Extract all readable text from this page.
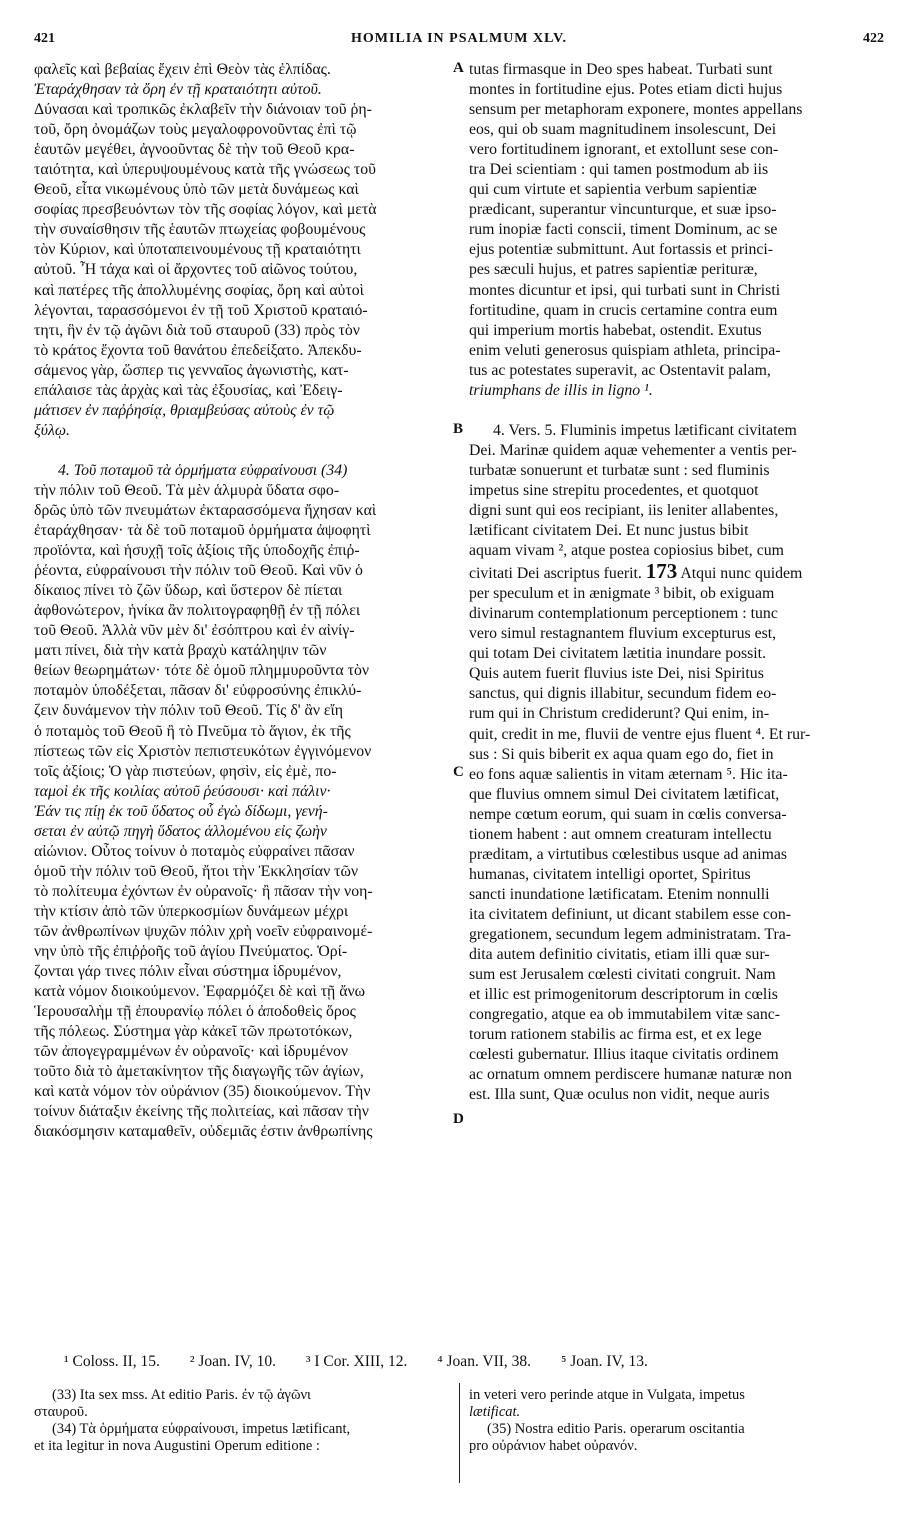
421	HOMILIA IN PSALMUM XLV.	422
φαλεῖς καὶ βεβαίας ἔχειν ἐπὶ Θεὸν τὰς ἐλπίδας.
Ἐταράχθησαν τὰ ὄρη ἐν τῇ κραταιότητι αὐτοῦ.
Δύνασαι καὶ τροπικῶς ἐκλαβεῖν τὴν διάνοιαν τοῦ ῥη-
τοῦ, ὄρη ὀνομάζων τοὺς μεγαλοφρονοῦντας ἐπὶ τῷ
ἑαυτῶν μεγέθει, ἀγνοοῦντας δὲ τὴν τοῦ Θεοῦ κρα-
ταιότητα, καὶ ὑπερυψουμένους κατὰ τῆς γνώσεως τοῦ
Θεοῦ, εἶτα νικωμένους ὑπὸ τῶν μετὰ δυνάμεως καὶ
σοφίας πρεσβευόντων τὸν τῆς σοφίας λόγον, καὶ μετὰ
τὴν συναίσθησιν τῆς ἑαυτῶν πτωχείας φοβουμένους
τὸν Κύριον, καὶ ὑποταπεινουμένους τῇ κραταιότητι
αὐτοῦ. Ἦ τάχα καὶ οἱ ἄρχοντες τοῦ αἰῶνος τούτου,
καὶ πατέρες τῆς ἀπολλυμένης σοφίας, ὄρη καὶ αὐτοὶ
λέγονται, ταρασσόμενοι ἐν τῇ τοῦ Χριστοῦ κραταιό-
τητι, ἣν ἐν τῷ ἀγῶνι διὰ τοῦ σταυροῦ (33) πρὸς τὸν
τὸ κράτος ἔχοντα τοῦ θανάτου ἐπεδείξατο. Ἀπεκδυ-
σάμενος γὰρ, ὥσπερ τις γενναῖος ἀγωνιστὴς, κατ-
επάλαισε τὰς ἀρχὰς καὶ τὰς ἐξουσίας, καὶ Ἐδειγ-
μάτισεν ἐν παῤῥησίᾳ, θριαμβεύσας αὐτοὺς ἐν τῷ
ξύλῳ.
4. Τοῦ ποταμοῦ τὰ ὁρμήματα εὐφραίνουσι (34)
τὴν πόλιν τοῦ Θεοῦ. Τὰ μὲν ἁλμυρὰ ὕδατα σφο-
δρῶς ὑπὸ τῶν πνευμάτων ἐκταρασσόμενα ἤχησαν καὶ
ἐταράχθησαν· τὰ δὲ τοῦ ποταμοῦ ὁρμήματα ἀψοφητὶ
προϊόντα, καὶ ἡσυχῇ τοῖς ἀξίοις τῆς ὑποδοχῆς ἐπιῤ-
ῥέοντα, εὐφραίνουσι τὴν πόλιν τοῦ Θεοῦ. Καὶ νῦν ὁ
δίκαιος πίνει τὸ ζῶν ὕδωρ, καὶ ὕστερον δὲ πίεται
ἀφθονώτερον, ἡνίκα ἂν πολιτογραφηθῇ ἐν τῇ πόλει
τοῦ Θεοῦ. Ἀλλὰ νῦν μὲν δι' ἐσόπτρου καὶ ἐν αἰνίγ-
ματι πίνει, διὰ τὴν κατὰ βραχὺ κατάληψιν τῶν
θείων θεωρημάτων· τότε δὲ ὁμοῦ πλημμυροῦντα τὸν
ποταμὸν ὑποδέξεται, πᾶσαν δι' εὐφροσύνης ἐπικλύ-
ζειν δυνάμενον τὴν πόλιν τοῦ Θεοῦ. Τίς δ' ἂν εἴη
ὁ ποταμὸς τοῦ Θεοῦ ἢ τὸ Πνεῦμα τὸ ἅγιον, ἐκ τῆς
πίστεως τῶν εἰς Χριστὸν πεπιστευκότων ἐγγινόμενον
τοῖς ἀξίοις; Ὁ γὰρ πιστεύων, φησὶν, εἰς ἐμὲ, πο-
ταμοὶ ἐκ τῆς κοιλίας αὐτοῦ ῥεύσουσι· καὶ πάλιν·
Ἐάν τις πίῃ ἐκ τοῦ ὕδατος οὗ ἐγὼ δίδωμι, γενή-
σεται ἐν αὐτῷ πηγὴ ὕδατος ἁλλομένου εἰς ζωὴν
αἰώνιον. Οὗτος τοίνυν ὁ ποταμὸς εὐφραίνει πᾶσαν
ὁμοῦ τὴν πόλιν τοῦ Θεοῦ, ἤτοι τὴν Ἐκκλησίαν τῶν
τὸ πολίτευμα ἐχόντων ἐν οὐρανοῖς· ἢ πᾶσαν τὴν νοη-
τὴν κτίσιν ἀπὸ τῶν ὑπερκοσμίων δυνάμεων μέχρι
τῶν ἀνθρωπίνων ψυχῶν πόλιν χρὴ νοεῖν εὐφραινομέ-
νην ὑπὸ τῆς ἐπιῤῥοῆς τοῦ ἁγίου Πνεύματος. Ὁρί-
ζονται γάρ τινες πόλιν εἶναι σύστημα ἱδρυμένον,
κατὰ νόμον διοικούμενον. Ἐφαρμόζει δὲ καὶ τῇ ἄνω
Ἱερουσαλὴμ τῇ ἐπουρανίῳ πόλει ὁ ἀποδοθεὶς ὅρος
τῆς πόλεως. Σύστημα γὰρ κἀκεῖ τῶν πρωτοτόκων,
τῶν ἀπογεγραμμένων ἐν οὐρανοῖς· καὶ ἱδρυμένον
τοῦτο διὰ τὸ ἀμετακίνητον τῆς διαγωγῆς τῶν ἁγίων,
καὶ κατὰ νόμον τὸν οὐράνιον (35) διοικούμενον. Τὴν
τοίνυν διάταξιν ἐκείνης τῆς πολιτείας, καὶ πᾶσαν τὴν
διακόσμησιν καταμαθεῖν, οὐδεμιᾶς ἐστιν ἀνθρωπίνης
A
B
C
D
tutas firmasque in Deo spes habeat. Turbati sunt
montes in fortitudine ejus. Potes etiam dicti hujus
sensum per metaphoram exponere, montes appellans
eos, qui ob suam magnitudinem insolescunt, Dei
vero fortitudinem ignorant, et extollunt sese con-
tra Dei scientiam : qui tamen postmodum ab iis
qui cum virtute et sapientia verbum sapientiæ
prædicant, superantur vincunturque, et suæ ipso-
rum inopiæ facti conscii, timent Dominum, ac se
ejus potentiæ submittunt. Aut fortassis et princi-
pes sæculi hujus, et patres sapientiæ perituræ,
montes dicuntur et ipsi, qui turbati sunt in Christi
fortitudine, quam in crucis certamine contra eum
qui imperium mortis habebat, ostendit. Exutus
enim veluti generosus quispiam athleta, principa-
tus ac potestates superavit, ac Ostentavit palam,
triumphans de illis in ligno ¹.
4. Vers. 5. Fluminis impetus lætificant civitatem
Dei. Marinæ quidem aquæ vehementer a ventis per-
turbatæ sonuerunt et turbatæ sunt : sed fluminis
impetus sine strepitu procedentes, et quotquot
digni sunt qui eos recipiant, iis leniter allabentes,
lætificant civitatem Dei. Et nunc justus bibit
aquam vivam ², atque postea copiosius bibet, cum
civitati Dei ascriptus fuerit. 173 Atqui nunc quidem
per speculum et in ænigmate ³ bibit, ob exiguam
divinarum contemplationum perceptionem : tunc
vero simul restagnantem fluvium excepturus est,
qui totam Dei civitatem lætitia inundare possit.
Quis autem fuerit fluvius iste Dei, nisi Spiritus
sanctus, qui dignis illabitur, secundum fidem eo-
rum qui in Christum crediderunt? Qui enim, in-
quit, credit in me, fluvii de ventre ejus fluent ⁴. Et rur-
sus : Si quis biberit ex aqua quam ego do, fiet in
eo fons aquæ salientis in vitam æternam ⁵. Hic ita-
que fluvius omnem simul Dei civitatem lætificat,
nempe cœtum eorum, qui suam in cœlis conversa-
tionem habent : aut omnem creaturam intellectu
præditam, a virtutibus cœlestibus usque ad animas
humanas, civitatem intelligi oportet, Spiritus
sancti inundatione lætificatam. Etenim nonnulli
ita civitatem definiunt, ut dicant stabilem esse con-
gregationem, secundum legem administratam. Tra-
dita autem definitio civitatis, etiam illi quæ sur-
sum est Jerusalem cœlesti civitati congruit. Nam
et illic est primogenitorum descriptorum in cœlis
congregatio, atque ea ob immutabilem vitæ sanc-
torum rationem stabilis ac firma est, et ex lege
cœlesti gubernatur. Illius itaque civitatis ordinem
ac ornatum omnem perdiscere humanæ naturæ non
est. Illa sunt, Quæ oculus non vidit, neque auris
¹ Coloss. II, 15. ² Joan. IV, 10. ³ I Cor. XIII, 12. ⁴ Joan. VII, 38. ⁵ Joan. IV, 13.

(33) Ita sex mss. At editio Paris. ἐν τῷ ἀγῶνι

σταυροῦ.

(34) Τὰ ὁρμήματα εὐφραίνουσι, impetus lætificant,

et ita legitur in nova Augustini Operum editione :

in veteri vero perinde atque in Vulgata, impetus

lætificat.

(35) Nostra editio Paris. operarum oscitantia

pro οὐράνιον habet οὐρανόν.
